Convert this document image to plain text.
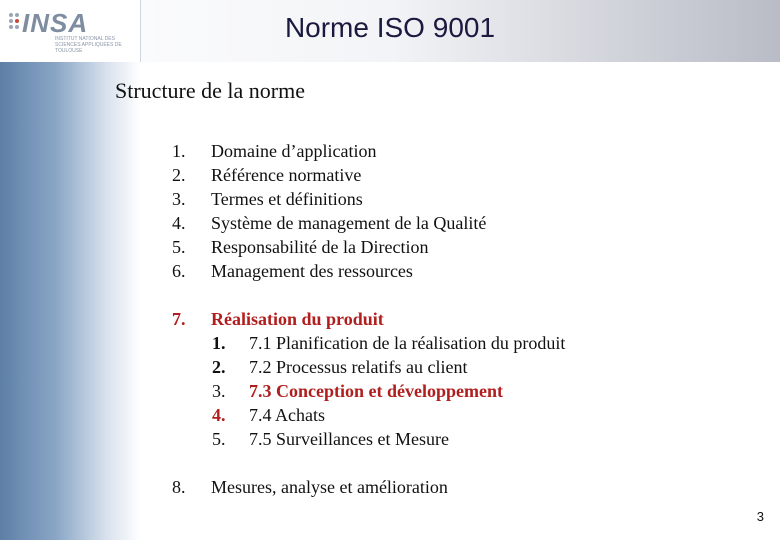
INSA
INSTITUT NATIONAL DES SCIENCES APPLIQUÉES DE TOULOUSE
Norme ISO 9001
Structure de la norme
1. Domaine d’application
2. Référence normative
3. Termes et définitions
4. Système de management de la Qualité
5. Responsabilité de la Direction
6. Management des ressources
7. Réalisation du produit
1. 7.1 Planification de la réalisation du produit
2. 7.2 Processus relatifs au client
3. 7.3 Conception et développement
4. 7.4 Achats
5. 7.5 Surveillances et Mesure
8. Mesures, analyse et amélioration
3
